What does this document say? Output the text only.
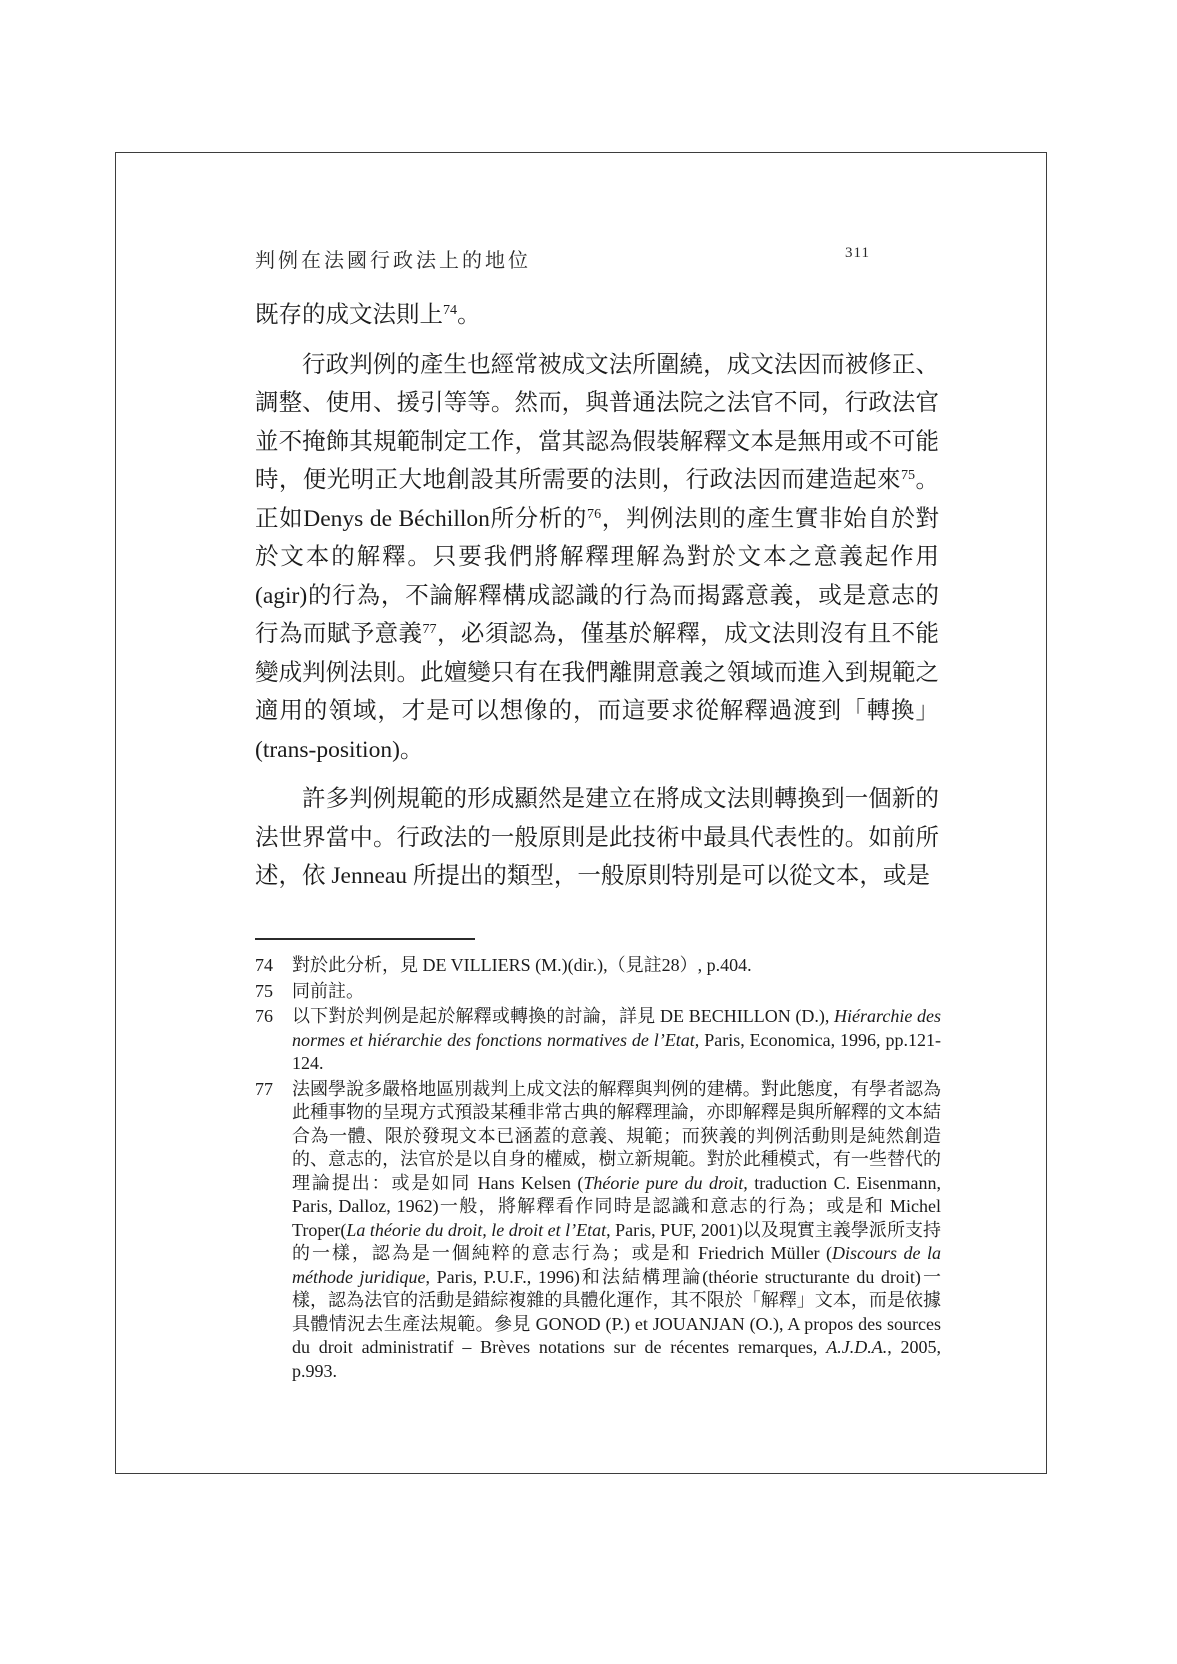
判例在法國行政法上的地位	311

既存的成文法則上$^{74}$。

行政判例的產生也經常被成文法所圍繞，成文法因而被修正、調整、使用、援引等等。然而，與普通法院之法官不同，行政法官並不掩飾其規範制定工作，當其認為假裝解釋文本是無用或不可能時，便光明正大地創設其所需要的法則，行政法因而建造起來$^{75}$。正如Denys de Béchillon所分析的$^{76}$，判例法則的產生實非始自於對於文本的解釋。只要我們將解釋理解為對於文本之意義起作用(agir)的行為，不論解釋構成認識的行為而揭露意義，或是意志的行為而賦予意義$^{77}$，必須認為，僅基於解釋，成文法則沒有且不能變成判例法則。此嬗變只有在我們離開意義之領域而進入到規範之適用的領域，才是可以想像的，而這要求從解釋過渡到「轉換」(trans-position)。

許多判例規範的形成顯然是建立在將成文法則轉換到一個新的法世界當中。行政法的一般原則是此技術中最具代表性的。如前所述，依 Jenneau 所提出的類型，一般原則特別是可以從文本，或是

74 對於此分析，見 DE VILLIERS (M.)(dir.),（見註28）, p.404.
75 同前註。
76 以下對於判例是起於解釋或轉換的討論，詳見 DE BECHILLON (D.), Hiérarchie des normes et hiérarchie des fonctions normatives de l’Etat, Paris, Economica, 1996, pp.121-124.
77 法國學說多嚴格地區別裁判上成文法的解釋與判例的建構。對此態度，有學者認為此種事物的呈現方式預設某種非常古典的解釋理論，亦即解釋是與所解釋的文本結合為一體、限於發現文本已涵蓋的意義、規範；而狹義的判例活動則是純然創造的、意志的，法官於是以自身的權威，樹立新規範。對於此種模式，有一些替代的理論提出：或是如同 Hans Kelsen (Théorie pure du droit, traduction C. Eisenmann, Paris, Dalloz, 1962)一般，將解釋看作同時是認識和意志的行為；或是和 Michel Troper(La théorie du droit, le droit et l’Etat, Paris, PUF, 2001)以及現實主義學派所支持的一樣，認為是一個純粹的意志行為；或是和 Friedrich Müller (Discours de la méthode juridique, Paris, P.U.F., 1996)和法結構理論(théorie structurante du droit)一樣，認為法官的活動是錯綜複雜的具體化運作，其不限於「解釋」文本，而是依據具體情況去生產法規範。參見 GONOD (P.) et JOUANJAN (O.), A propos des sources du droit administratif – Brèves notations sur de récentes remarques, A.J.D.A., 2005, p.993.
